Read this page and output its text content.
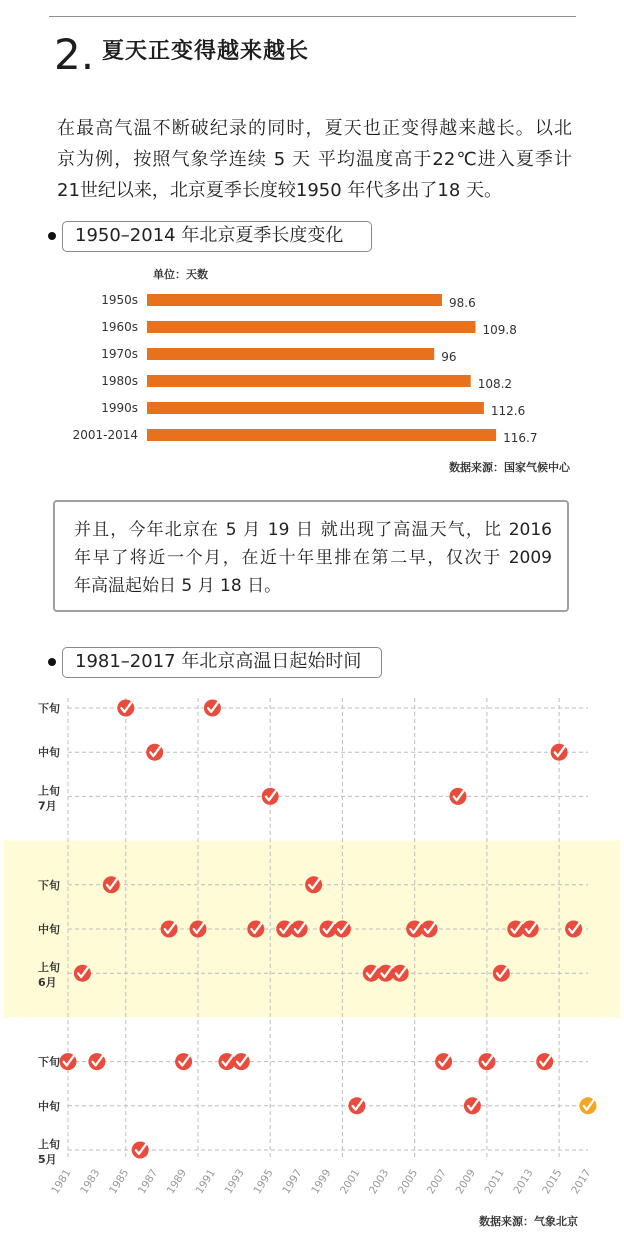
2. 夏天正变得越来越长
在最高气温不断破纪录的同时，夏天也正变得越来越长。以北
京为例，按照气象学连续 5 天 平均温度高于22℃进入夏季计
21世纪以来，北京夏季长度较1950 年代多出了18 天。
1950–2014 年北京夏季长度变化
单位：天数
1950s	98.6
1960s	109.8
1970s	96
1980s	108.2
1990s	112.6
2001-2014	116.7
数据来源：国家气候中心
并且，今年北京在 5 月 19 日 就出现了高温天气，比 2016
年早了将近一个月，在近十年里排在第二早，仅次于 2009
年高温起始日 5 月 18 日。
1981–2017 年北京高温日起始时间
下旬
中旬
上旬
7月
下旬
中旬
上旬
6月
下旬
中旬
上旬
5月
1981 1983 1985 1987 1989 1991 1993 1995 1997 1999 2001 2003 2005 2007 2009 2011 2013 2015 2017
数据来源：气象北京
